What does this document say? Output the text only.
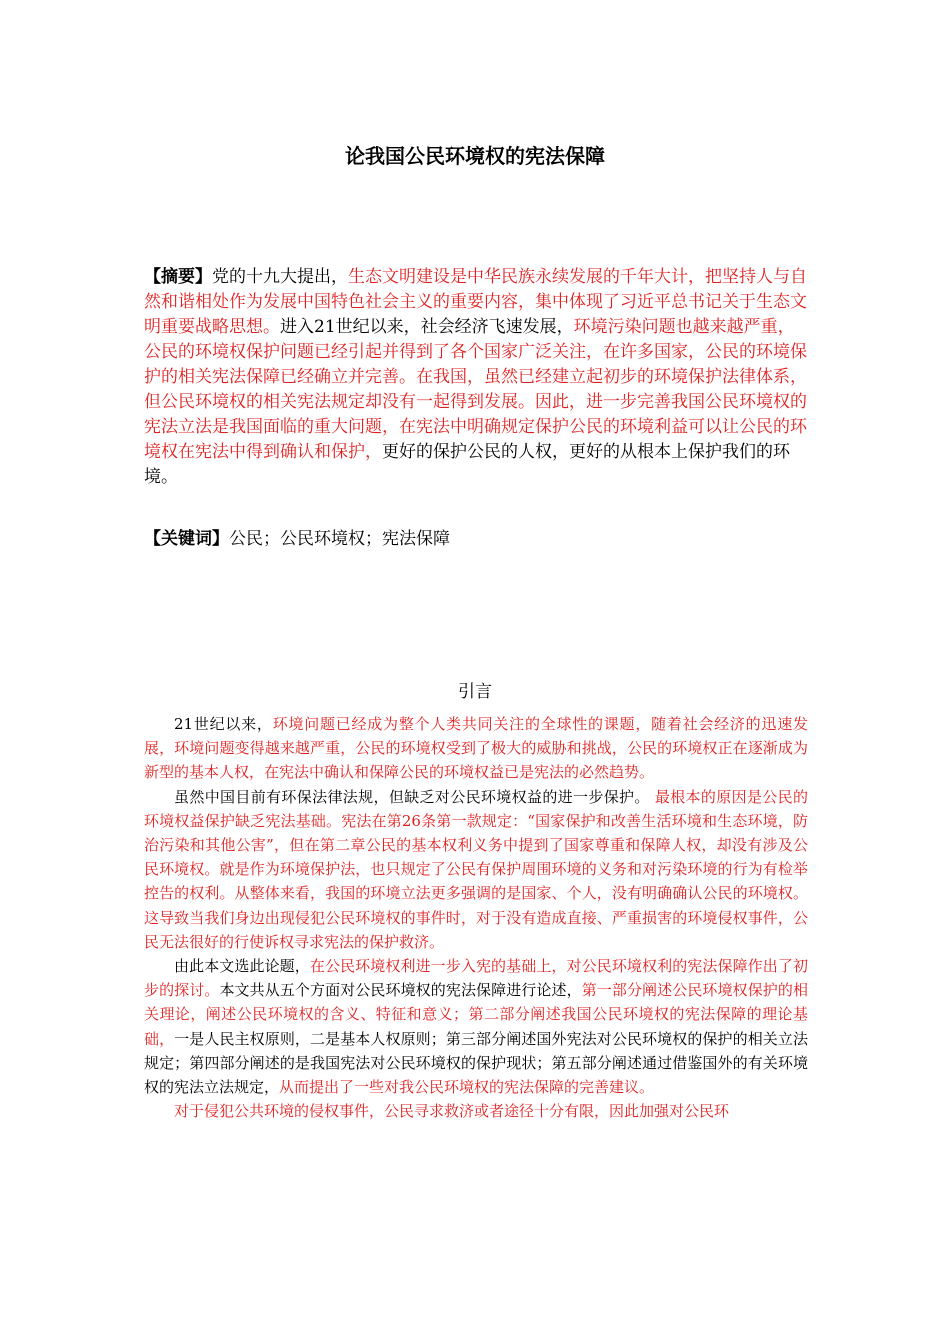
论我国公民环境权的宪法保障
【摘要】党的十九大提出，生态文明建设是中华民族永续发展的千年大计，把坚持人与自然和谐相处作为发展中国特色社会主义的重要内容，集中体现了习近平总书记关于生态文明重要战略思想。进入21世纪以来，社会经济飞速发展，环境污染问题也越来越严重，公民的环境权保护问题已经引起并得到了各个国家广泛关注，在许多国家，公民的环境保护的相关宪法保障已经确立并完善。在我国，虽然已经建立起初步的环境保护法律体系，但公民环境权的相关宪法规定却没有一起得到发展。因此，进一步完善我国公民环境权的宪法立法是我国面临的重大问题，在宪法中明确规定保护公民的环境利益可以让公民的环境权在宪法中得到确认和保护，更好的保护公民的人权，更好的从根本上保护我们的环境。
【关键词】公民；公民环境权；宪法保障
引言

21世纪以来，环境问题已经成为整个人类共同关注的全球性的课题，随着社会经济的迅速发展，环境问题变得越来越严重，公民的环境权受到了极大的威胁和挑战，公民的环境权正在逐渐成为新型的基本人权，在宪法中确认和保障公民的环境权益已是宪法的必然趋势。

虽然中国目前有环保法律法规，但缺乏对公民环境权益的进一步保护。 最根本的原因是公民的环境权益保护缺乏宪法基础。宪法在第26条第一款规定：“国家保护和改善生活环境和生态环境，防治污染和其他公害”，但在第二章公民的基本权利义务中提到了国家尊重和保障人权，却没有涉及公民环境权。就是作为环境保护法，也只规定了公民有保护周围环境的义务和对污染环境的行为有检举控告的权利。从整体来看，我国的环境立法更多强调的是国家、个人，没有明确确认公民的环境权。这导致当我们身边出现侵犯公民环境权的事件时，对于没有造成直接、严重损害的环境侵权事件，公民无法很好的行使诉权寻求宪法的保护救济。

由此本文选此论题，在公民环境权利进一步入宪的基础上，对公民环境权利的宪法保障作出了初步的探讨。本文共从五个方面对公民环境权的宪法保障进行论述，第一部分阐述公民环境权保护的相关理论，阐述公民环境权的含义、特征和意义；第二部分阐述我国公民环境权的宪法保障的理论基础，一是人民主权原则，二是基本人权原则；第三部分阐述国外宪法对公民环境权的保护的相关立法规定；第四部分阐述的是我国宪法对公民环境权的保护现状；第五部分阐述通过借鉴国外的有关环境权的宪法立法规定，从而提出了一些对我公民环境权的宪法保障的完善建议。

对于侵犯公共环境的侵权事件，公民寻求救济或者途径十分有限，因此加强对公民环
